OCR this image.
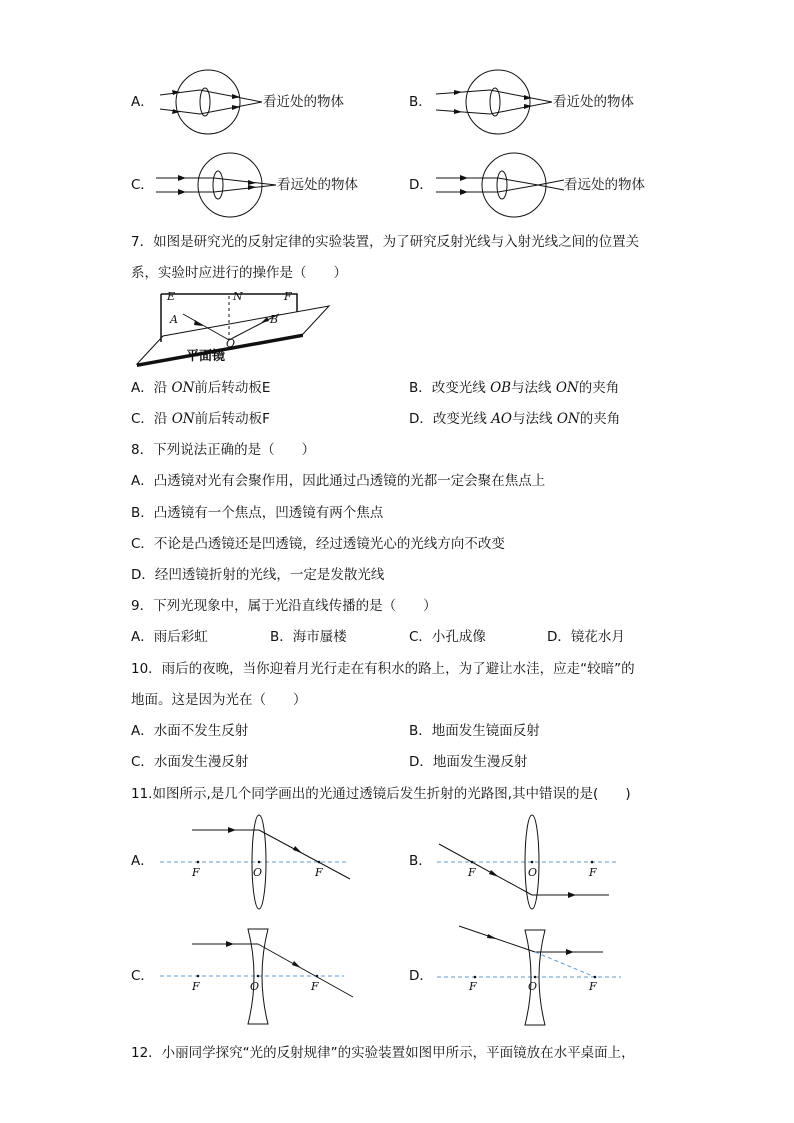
A．	看近处的物体	B．	看近处的物体
C．	看远处的物体	D．	看远处的物体
7．如图是研究光的反射定律的实验装置，为了研究反射光线与入射光线之间的位置关
系，实验时应进行的操作是（　　）
E	N	F
A	B
O
平面镜
A．沿 ON前后转动板E	B．改变光线 OB与法线 ON的夹角
C．沿 ON前后转动板F	D．改变光线 AO与法线 ON的夹角
8．下列说法正确的是（　　）
A．凸透镜对光有会聚作用，因此通过凸透镜的光都一定会聚在焦点上
B．凸透镜有一个焦点，凹透镜有两个焦点
C．不论是凸透镜还是凹透镜，经过透镜光心的光线方向不改变
D．经凹透镜折射的光线，一定是发散光线
9．下列光现象中，属于光沿直线传播的是（　　）
A．雨后彩虹	B．海市蜃楼	C．小孔成像	D．镜花水月
10．雨后的夜晚，当你迎着月光行走在有积水的路上，为了避让水洼，应走“较暗”的
地面。这是因为光在（　　）
A．水面不发生反射	B．地面发生镜面反射
C．水面发生漫反射	D．地面发生漫反射
11.如图所示,是几个同学画出的光通过透镜后发生折射的光路图,其中错误的是(　　)
A．
F	O	F
B．
F	O	F
C．
F	O	F
D．
F	O	F
12．小丽同学探究“光的反射规律”的实验装置如图甲所示，平面镜放在水平桌面上，
